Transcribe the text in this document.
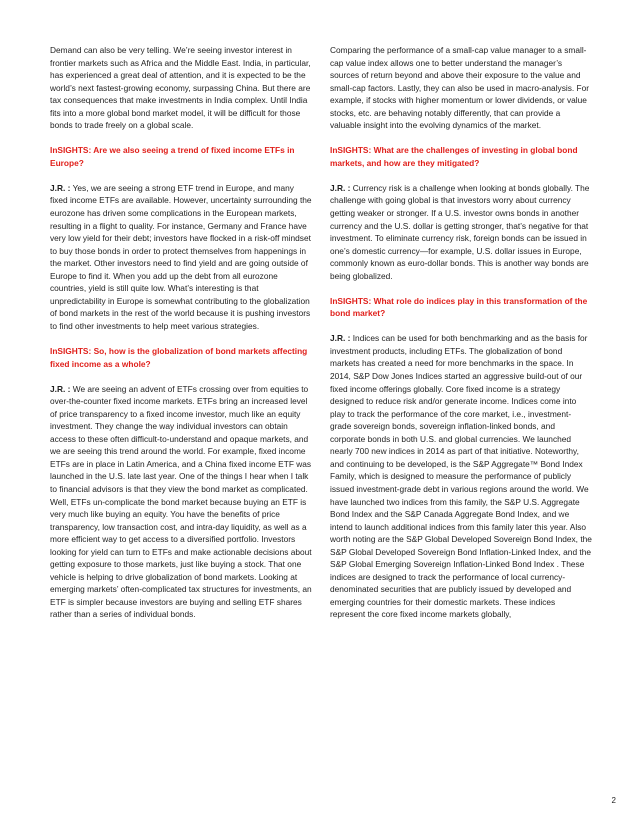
Demand can also be very telling. We’re seeing investor interest in frontier markets such as Africa and the Middle East. India, in particular, has experienced a great deal of attention, and it is expected to be the world’s next fastest-growing economy, surpassing China. But there are tax consequences that make investments in India complex. Until India fits into a more global bond market model, it will be difficult for those bonds to trade freely on a global scale.

InSIGHTS: Are we also seeing a trend of fixed income ETFs in Europe?

J.R. : Yes, we are seeing a strong ETF trend in Europe, and many fixed income ETFs are available. However, uncertainty surrounding the eurozone has driven some complications in the European markets, resulting in a flight to quality. For instance, Germany and France have very low yield for their debt; investors have flocked in a risk-off mindset to buy those bonds in order to protect themselves from happenings in the market. Other investors need to find yield and are going outside of Europe to find it. When you add up the debt from all eurozone countries, yield is still quite low. What’s interesting is that unpredictability in Europe is somewhat contributing to the globalization of bond markets in the rest of the world because it is pushing investors to find other investments to help meet various strategies.

InSIGHTS: So, how is the globalization of bond markets affecting fixed income as a whole?

J.R. : We are seeing an advent of ETFs crossing over from equities to over-the-counter fixed income markets. ETFs bring an increased level of price transparency to a fixed income investor, much like an equity investment. They change the way individual investors can obtain access to these often difficult-to-understand and opaque markets, and we are seeing this trend around the world. For example, fixed income ETFs are in place in Latin America, and a China fixed income ETF was launched in the U.S. late last year. One of the things I hear when I talk to financial advisors is that they view the bond market as complicated. Well, ETFs un-complicate the bond market because buying an ETF is very much like buying an equity. You have the benefits of price transparency, low transaction cost, and intra-day liquidity, as well as a more efficient way to get access to a diversified portfolio. Investors looking for yield can turn to ETFs and make actionable decisions about getting exposure to those markets, just like buying a stock. That one vehicle is helping to drive globalization of bond markets. Looking at emerging markets’ often-complicated tax structures for investments, an ETF is simpler because investors are buying and selling ETF shares rather than a series of individual bonds.

Comparing the performance of a small-cap value manager to a small-cap value index allows one to better understand the manager’s sources of return beyond and above their exposure to the value and small-cap factors. Lastly, they can also be used in macro-analysis. For example, if stocks with higher momentum or lower dividends, or value stocks, etc. are behaving notably differently, that can provide a valuable insight into the evolving dynamics of the market.

InSIGHTS: What are the challenges of investing in global bond markets, and how are they mitigated?

J.R. : Currency risk is a challenge when looking at bonds globally. The challenge with going global is that investors worry about currency getting weaker or stronger. If a U.S. investor owns bonds in another currency and the U.S. dollar is getting stronger, that’s negative for that investment. To eliminate currency risk, foreign bonds can be issued in one’s domestic currency—for example, U.S. dollar issues in Europe, commonly known as euro-dollar bonds. This is another way bonds are being globalized.

InSIGHTS: What role do indices play in this transformation of the bond market?

J.R. : Indices can be used for both benchmarking and as the basis for investment products, including ETFs. The globalization of bond markets has created a need for more benchmarks in the space. In 2014, S&P Dow Jones Indices started an aggressive build-out of our fixed income offerings globally. Core fixed income is a strategy designed to reduce risk and/or generate income. Indices come into play to track the performance of the core market, i.e., investment-grade sovereign bonds, sovereign inflation-linked bonds, and corporate bonds in both U.S. and global currencies. We launched nearly 700 new indices in 2014 as part of that initiative. Noteworthy, and continuing to be developed, is the S&P Aggregate™ Bond Index Family, which is designed to measure the performance of publicly issued investment-grade debt in various regions around the world. We have launched two indices from this family, the S&P U.S. Aggregate Bond Index and the S&P Canada Aggregate Bond Index, and we intend to launch additional indices from this family later this year. Also worth noting are the S&P Global Developed Sovereign Bond Index, the S&P Global Developed Sovereign Bond Inflation-Linked Index, and the S&P Global Emerging Sovereign Inflation-Linked Bond Index . These indices are designed to track the performance of local currency-denominated securities that are publicly issued by developed and emerging countries for their domestic markets. These indices represent the core fixed income markets globally,

2
